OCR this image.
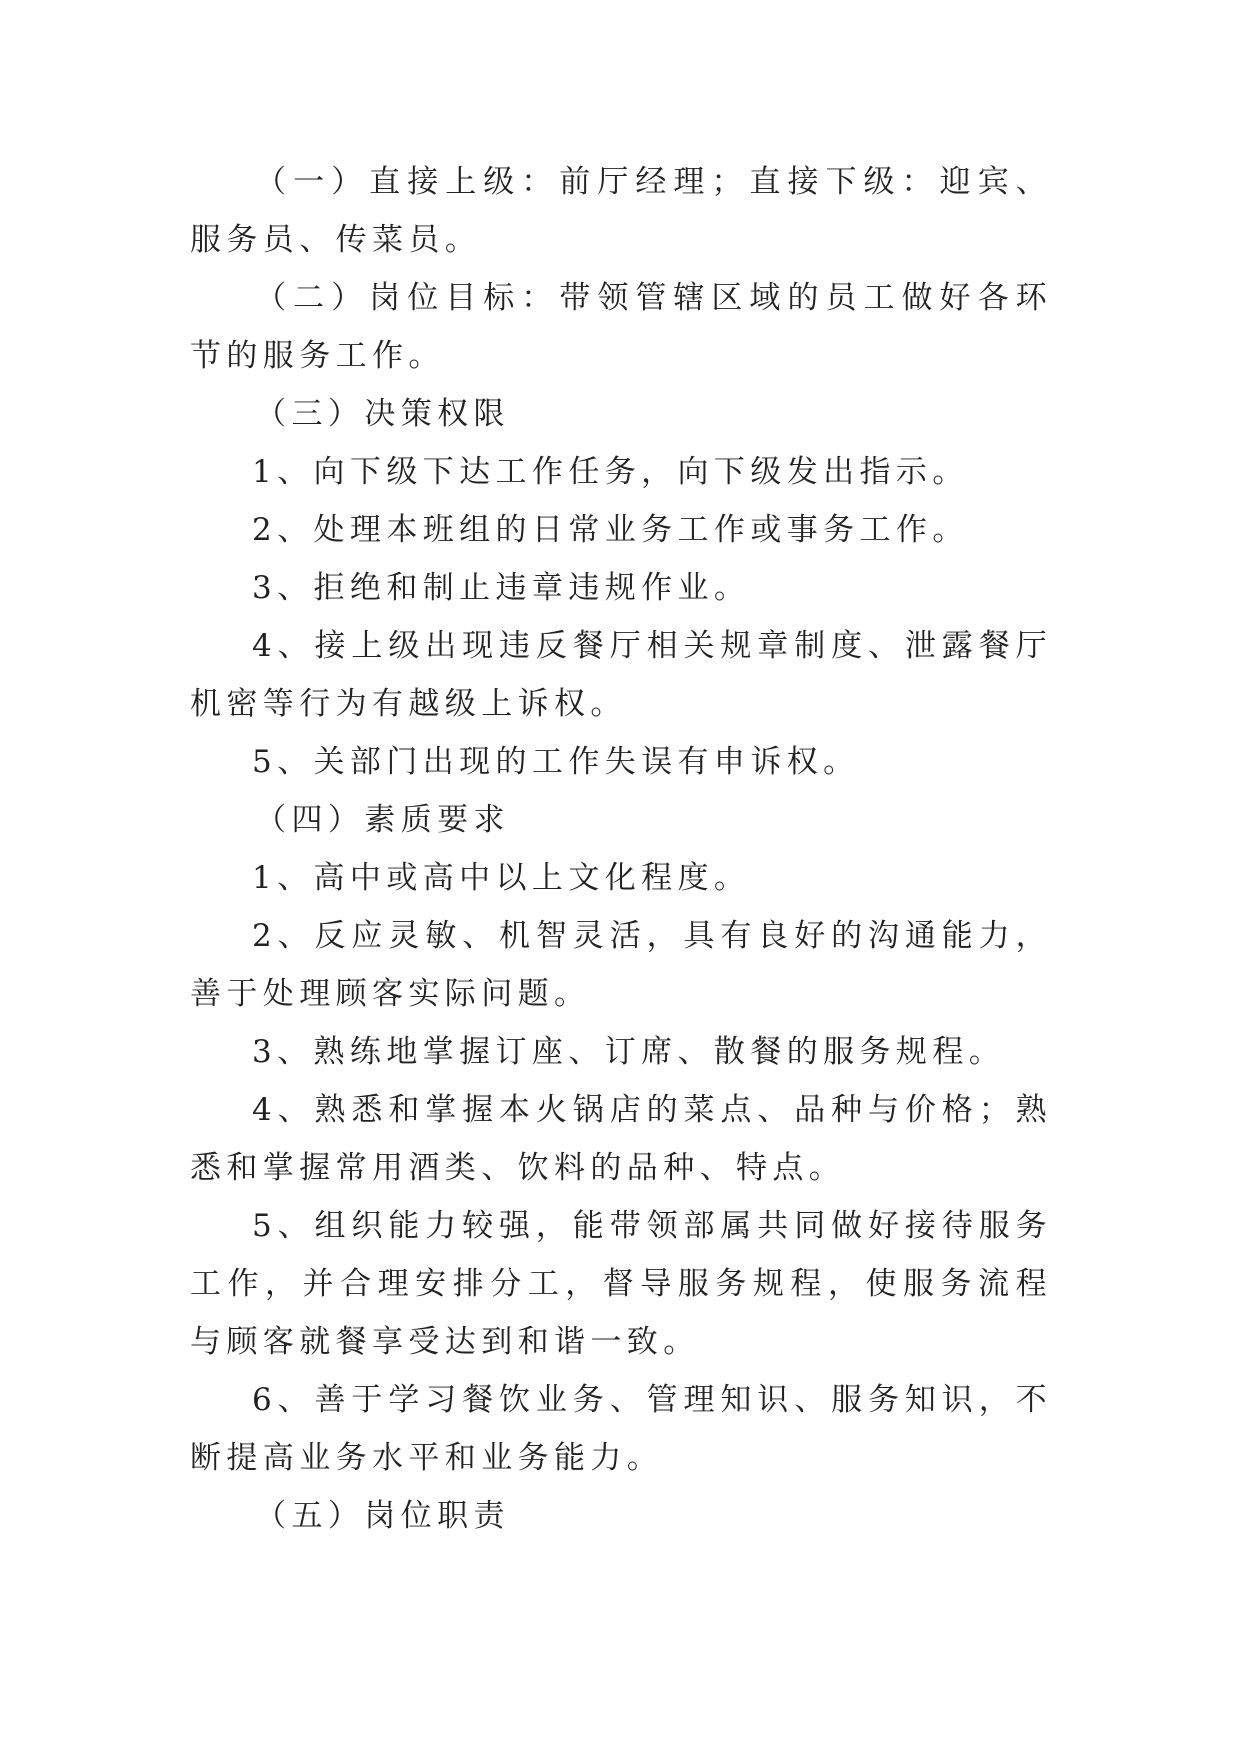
（一）直接上级：前厅经理；直接下级：迎宾、服务员、传菜员。

（二）岗位目标：带领管辖区域的员工做好各环节的服务工作。

（三）决策权限

1、向下级下达工作任务，向下级发出指示。

2、处理本班组的日常业务工作或事务工作。

3、拒绝和制止违章违规作业。

4、接上级出现违反餐厅相关规章制度、泄露餐厅机密等行为有越级上诉权。

5、关部门出现的工作失误有申诉权。

（四）素质要求

1、高中或高中以上文化程度。

2、反应灵敏、机智灵活，具有良好的沟通能力，善于处理顾客实际问题。

3、熟练地掌握订座、订席、散餐的服务规程。

4、熟悉和掌握本火锅店的菜点、品种与价格；熟悉和掌握常用酒类、饮料的品种、特点。

5、组织能力较强，能带领部属共同做好接待服务工作，并合理安排分工，督导服务规程，使服务流程与顾客就餐享受达到和谐一致。

6、善于学习餐饮业务、管理知识、服务知识，不断提高业务水平和业务能力。

（五）岗位职责
